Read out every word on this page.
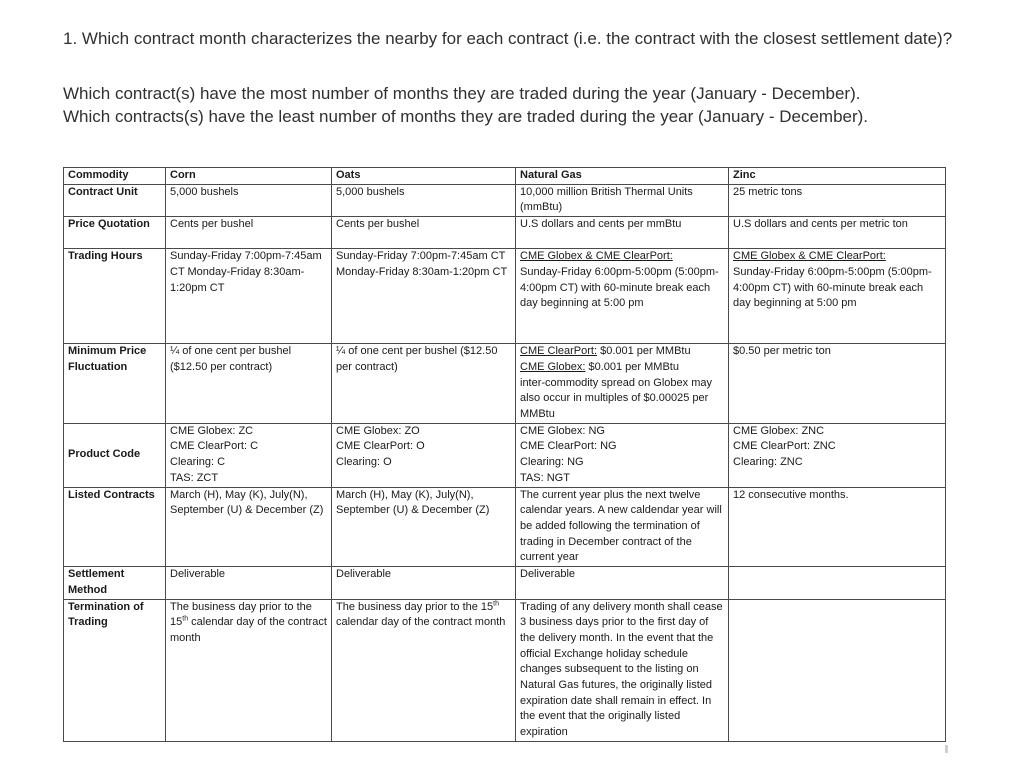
1. Which contract month characterizes the nearby for each contract (i.e. the contract with the closest settlement date)?

Which contract(s) have the most number of months they are traded during the year (January - December).

Which contracts(s) have the least number of months they are traded during the year (January - December).

Commodity	Corn	Oats	Natural Gas	Zinc
Contract Unit	5,000 bushels	5,000 bushels	10,000 million British Thermal Units (mmBtu)	25 metric tons
Price Quotation	Cents per bushel	Cents per bushel	U.S dollars and cents per mmBtu	U.S dollars and cents per metric ton
Trading Hours	Sunday-Friday 7:00pm-7:45am CT Monday-Friday 8:30am-1:20pm CT	Sunday-Friday 7:00pm-7:45am CT Monday-Friday 8:30am-1:20pm CT	CME Globex & CME ClearPort:
Sunday-Friday 6:00pm-5:00pm (5:00pm-4:00pm CT) with 60-minute break each day beginning at 5:00 pm	CME Globex & CME ClearPort:
Sunday-Friday 6:00pm-5:00pm (5:00pm-4:00pm CT) with 60-minute break each day beginning at 5:00 pm
Minimum Price Fluctuation	¼ of one cent per bushel ($12.50 per contract)	¼ of one cent per bushel ($12.50 per contract)	CME ClearPort: $0.001 per MMBtu
CME Globex: $0.001 per MMBtu
inter-commodity spread on Globex may also occur in multiples of $0.00025 per MMBtu	$0.50 per metric ton
Product Code	CME Globex: ZC
CME ClearPort: C
Clearing: C
TAS: ZCT	CME Globex: ZO
CME ClearPort: O
Clearing: O	CME Globex: NG
CME ClearPort: NG
Clearing: NG
TAS: NGT	CME Globex: ZNC
CME ClearPort: ZNC
Clearing: ZNC

Listed Contracts	March (H), May (K), July(N), September (U) & December (Z)	March (H), May (K), July(N), September (U) & December (Z)	The current year plus the next twelve calendar years. A new caldendar year will be added following the termination of trading in December contract of the current year	12 consecutive months.
Settlement Method	Deliverable	Deliverable	Deliverable	
Termination of Trading	The business day prior to the 15th calendar day of the contract month	The business day prior to the 15th calendar day of the contract month	Trading of any delivery month shall cease 3 business days prior to the first day of the delivery month. In the event that the official Exchange holiday schedule changes subsequent to the listing on Natural Gas futures, the originally listed expiration date shall remain in effect. In the event that the originally listed expiration	
